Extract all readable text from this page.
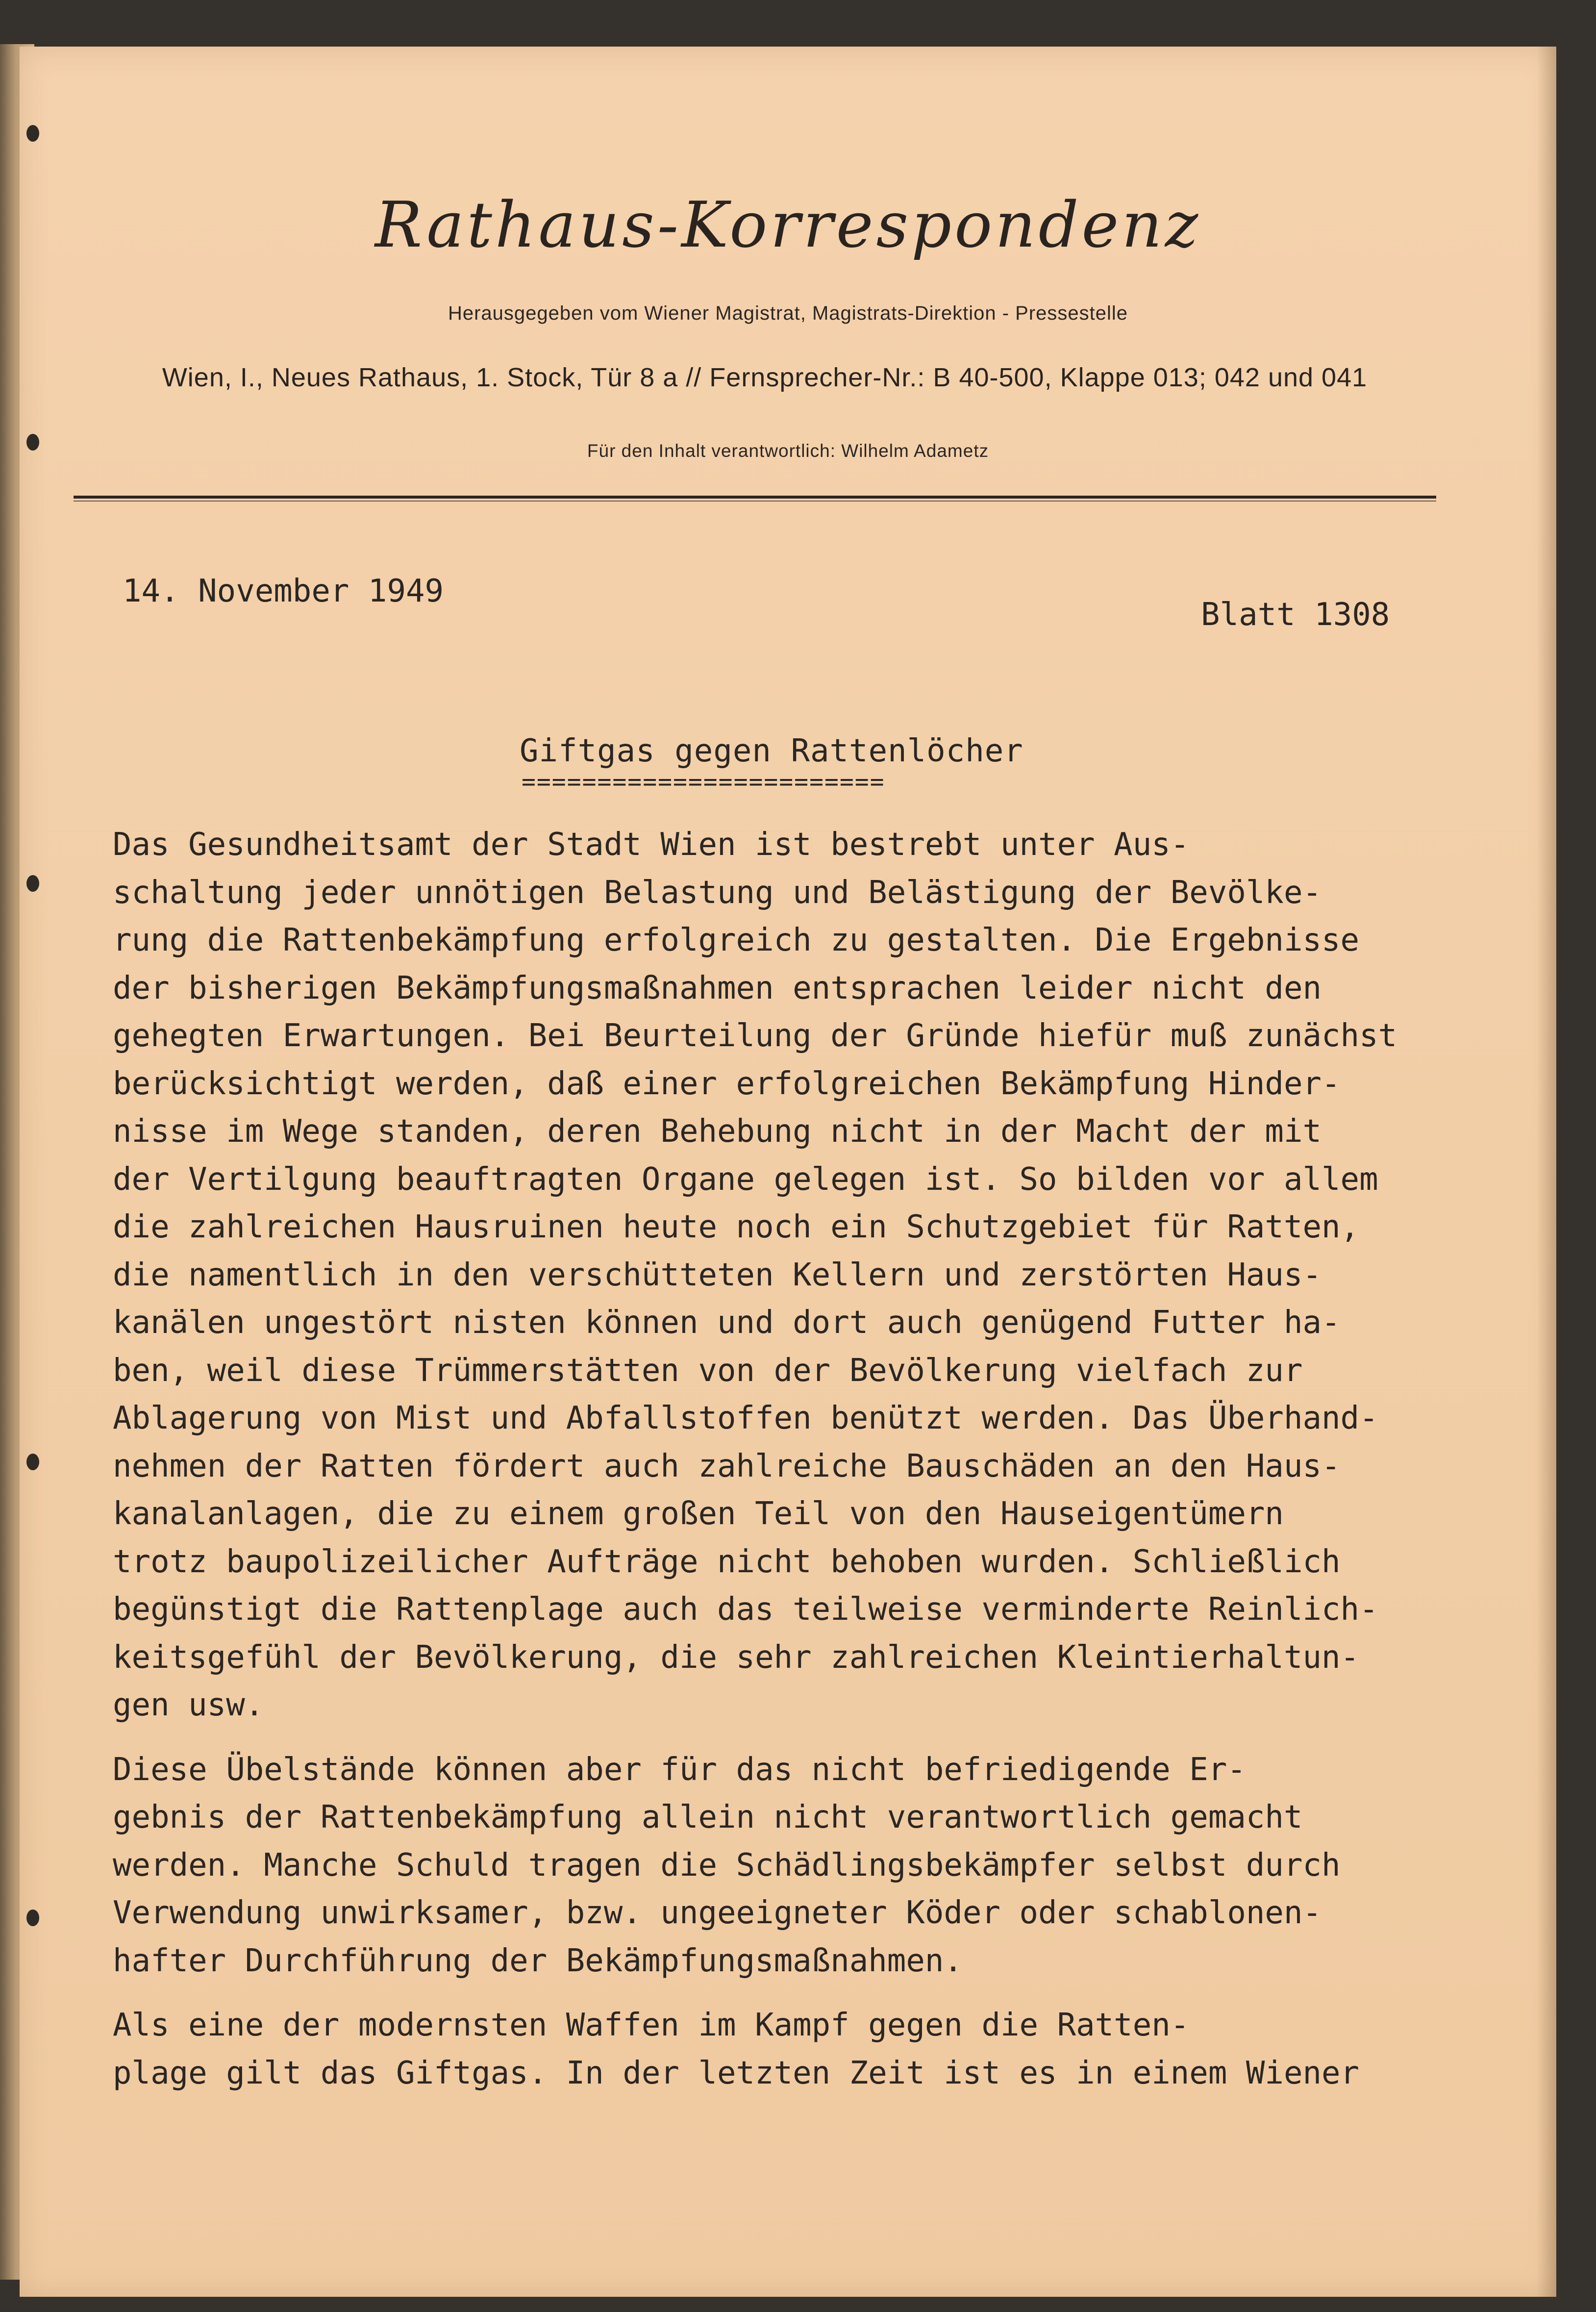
Rathaus-Korrespondenz
Herausgegeben vom Wiener Magistrat, Magistrats-Direktion - Pressestelle
Wien, I., Neues Rathaus, 1. Stock, Tür 8 a // Fernsprecher-Nr.: B 40-500, Klappe 013; 042 und 041
Für den Inhalt verantwortlich: Wilhelm Adametz
14. November 1949
Blatt 1308
Giftgas gegen Rattenlöcher
========================
Das Gesundheitsamt der Stadt Wien ist bestrebt unter Aus-
schaltung jeder unnötigen Belastung und Belästigung der Bevölke-
rung die Rattenbekämpfung erfolgreich zu gestalten. Die Ergebnisse
der bisherigen Bekämpfungsmaßnahmen entsprachen leider nicht den
gehegten Erwartungen. Bei Beurteilung der Gründe hiefür muß zunächst
berücksichtigt werden, daß einer erfolgreichen Bekämpfung Hinder-
nisse im Wege standen, deren Behebung nicht in der Macht der mit
der Vertilgung beauftragten Organe gelegen ist. So bilden vor allem
die zahlreichen Hausruinen heute noch ein Schutzgebiet für Ratten,
die namentlich in den verschütteten Kellern und zerstörten Haus-
kanälen ungestört nisten können und dort auch genügend Futter ha-
ben, weil diese Trümmerstätten von der Bevölkerung vielfach zur
Ablagerung von Mist und Abfallstoffen benützt werden. Das Überhand-
nehmen der Ratten fördert auch zahlreiche Bauschäden an den Haus-
kanalanlagen, die zu einem großen Teil von den Hauseigentümern
trotz baupolizeilicher Aufträge nicht behoben wurden. Schließlich
begünstigt die Rattenplage auch das teilweise verminderte Reinlich-
keitsgefühl der Bevölkerung, die sehr zahlreichen Kleintierhaltun-
gen usw.
Diese Übelstände können aber für das nicht befriedigende Er-
gebnis der Rattenbekämpfung allein nicht verantwortlich gemacht
werden. Manche Schuld tragen die Schädlingsbekämpfer selbst durch
Verwendung unwirksamer, bzw. ungeeigneter Köder oder schablonen-
hafter Durchführung der Bekämpfungsmaßnahmen.
Als eine der modernsten Waffen im Kampf gegen die Ratten-
plage gilt das Giftgas. In der letzten Zeit ist es in einem Wiener
